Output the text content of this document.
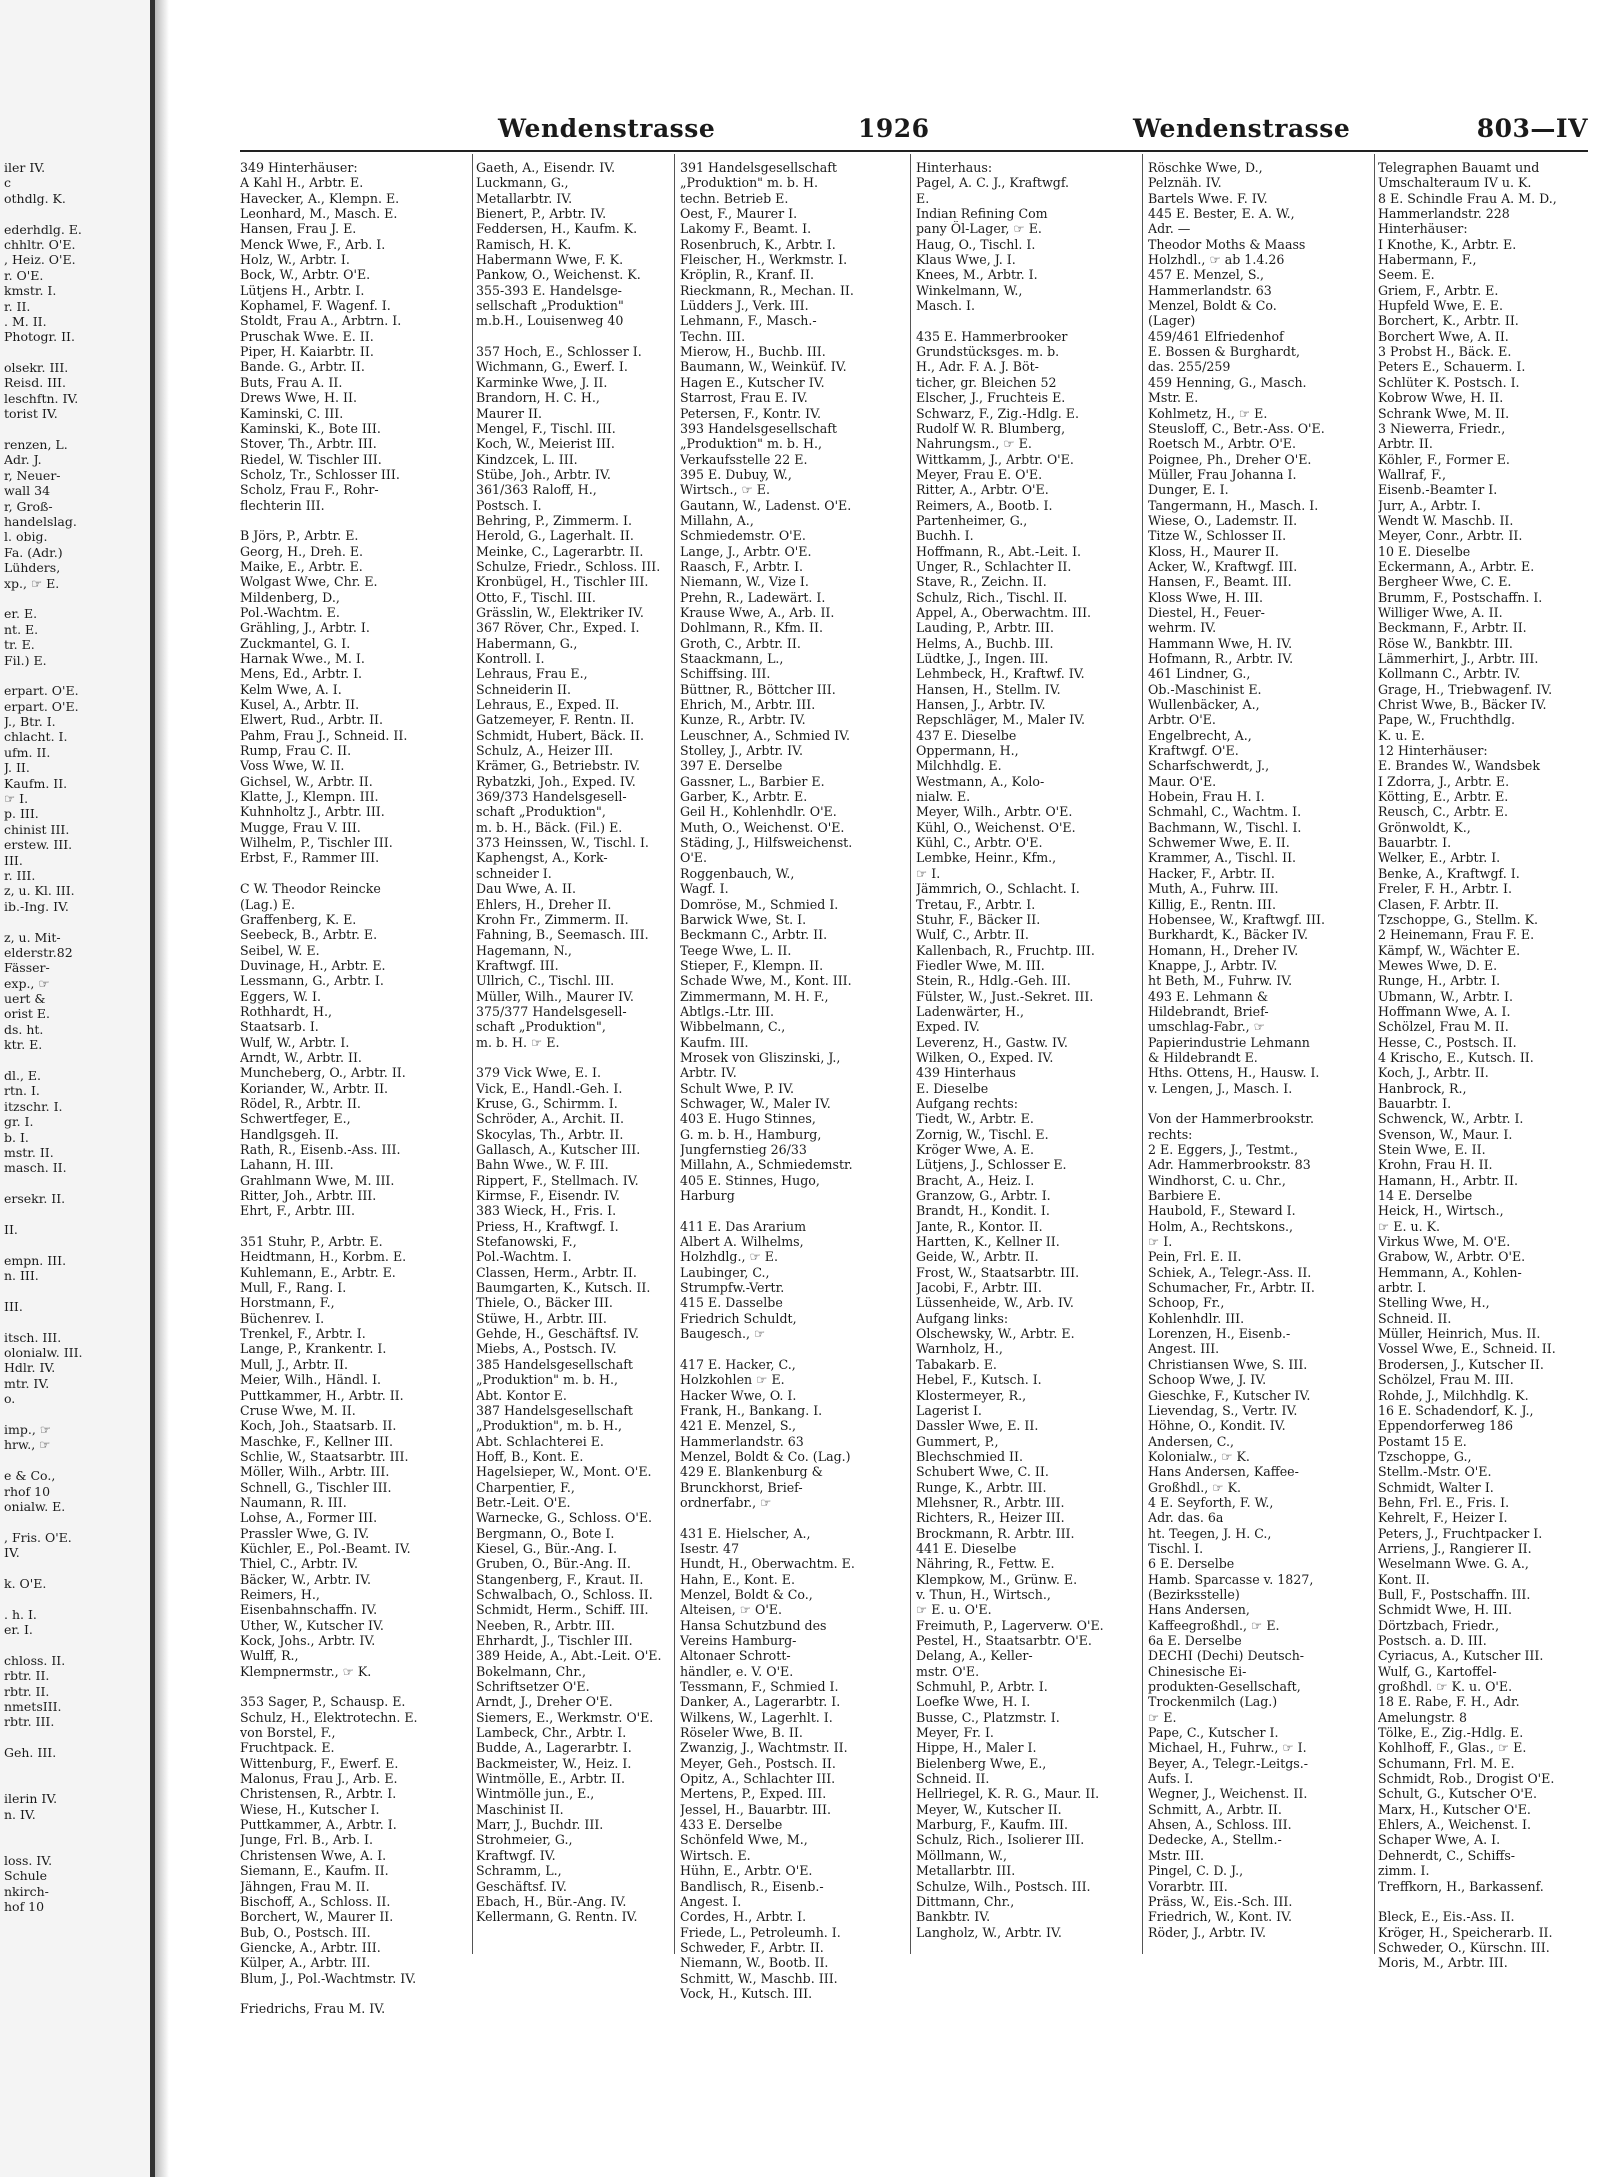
iler IV.
c
othdlg. K.
ederhdlg. E.
chhltr. O'E.
, Heiz. O'E.
r. O'E.
kmstr. I.
r. II.
. M. II.
Photogr. II.
olsekr. III.
Reisd. III.
leschftn. IV.
torist IV.
renzen, L.
Adr. J.
r, Neuer-
wall 34
r, Groß-
handelslag.
l. obig.
Fa. (Adr.)
Lühders,
xp., ☞ E.
er. E.
nt. E.
tr. E.
Fil.) E.
erpart. O'E.
erpart. O'E.
J., Btr. I.
chlacht. I.
ufm. II.
J. II.
Kaufm. II.
☞ I.
p. III.
chinist III.
erstew. III.
III.
r. III.
z, u. Kl. III.
ib.-Ing. IV.
z, u. Mit-
elderstr.82
Fässer-
exp., ☞
uert &
orist E.
ds. ht.
ktr. E.
dl., E.
rtn. I.
itzschr. I.
gr. I.
b. I.
mstr. II.
masch. II.
ersekr. II.
II.
empn. III.
n. III.
III.
itsch. III.
olonialw. III.
Hdlr. IV.
mtr. IV.
o.
imp., ☞
hrw., ☞
e & Co.,
rhof 10
onialw. E.
, Fris. O'E.
IV.
k. O'E.
. h. I.
er. I.
chloss. II.
rbtr. II.
rbtr. II.
nmetsIII.
rbtr. III.
Geh. III.
ilerin IV.
n. IV.
loss. IV.
Schule
nkirch-
hof 10
Wendenstrasse	1926	Wendenstrasse	803—IV
349 Hinterhäuser:
A Kahl H., Arbtr. E.
Havecker, A., Klempn. E.
Leonhard, M., Masch. E.
Hansen, Frau J. E.
Menck Wwe, F., Arb. I.
Holz, W., Arbtr. I.
Bock, W., Arbtr. O'E.
Lütjens H., Arbtr. I.
Kophamel, F. Wagenf. I.
Stoldt, Frau A., Arbtrn. I.
Pruschak Wwe. E. II.
Piper, H. Kaiarbtr. II.
Bande. G., Arbtr. II.
Buts, Frau A. II.
Drews Wwe, H. II.
Kaminski, C. III.
Kaminski, K., Bote III.
Stover, Th., Arbtr. III.
Riedel, W. Tischler III.
Scholz, Tr., Schlosser III.
Scholz, Frau F., Rohr-
flechterin III.
B Jörs, P., Arbtr. E.
Georg, H., Dreh. E.
Maike, E., Arbtr. E.
Wolgast Wwe, Chr. E.
Mildenberg, D.,
Pol.-Wachtm. E.
Grähling, J., Arbtr. I.
Zuckmantel, G. I.
Harnak Wwe., M. I.
Mens, Ed., Arbtr. I.
Kelm Wwe, A. I.
Kusel, A., Arbtr. II.
Elwert, Rud., Arbtr. II.
Pahm, Frau J., Schneid. II.
Rump, Frau C. II.
Voss Wwe, W. II.
Gichsel, W., Arbtr. II.
Klatte, J., Klempn. III.
Kuhnholtz J., Arbtr. III.
Mugge, Frau V. III.
Wilhelm, P., Tischler III.
Erbst, F., Rammer III.
C W. Theodor Reincke
(Lag.) E.
Graffenberg, K. E.
Seebeck, B., Arbtr. E.
Seibel, W. E.
Duvinage, H., Arbtr. E.
Lessmann, G., Arbtr. I.
Eggers, W. I.
Rothhardt, H.,
Staatsarb. I.
Wulf, W., Arbtr. I.
Arndt, W., Arbtr. II.
Muncheberg, O., Arbtr. II.
Koriander, W., Arbtr. II.
Rödel, R., Arbtr. II.
Schwertfeger, E.,
Handlgsgeh. II.
Rath, R., Eisenb.-Ass. III.
Lahann, H. III.
Grahlmann Wwe, M. III.
Ritter, Joh., Arbtr. III.
Ehrt, F., Arbtr. III.
351 Stuhr, P., Arbtr. E.
Heidtmann, H., Korbm. E.
Kuhlemann, E., Arbtr. E.
Mull, F., Rang. I.
Horstmann, F.,
Büchenrev. I.
Trenkel, F., Arbtr. I.
Lange, P., Krankentr. I.
Mull, J., Arbtr. II.
Meier, Wilh., Händl. I.
Puttkammer, H., Arbtr. II.
Cruse Wwe, M. II.
Koch, Joh., Staatsarb. II.
Maschke, F., Kellner III.
Schlie, W., Staatsarbtr. III.
Möller, Wilh., Arbtr. III.
Schnell, G., Tischler III.
Naumann, R. III.
Lohse, A., Former III.
Prassler Wwe, G. IV.
Küchler, E., Pol.-Beamt. IV.
Thiel, C., Arbtr. IV.
Bäcker, W., Arbtr. IV.
Reimers, H.,
Eisenbahnschaffn. IV.
Uther, W., Kutscher IV.
Kock, Johs., Arbtr. IV.
Wulff, R.,
Klempnermstr., ☞ K.
353 Sager, P., Schausp. E.
Schulz, H., Elektrotechn. E.
von Borstel, F.,
Fruchtpack. E.
Wittenburg, F., Ewerf. E.
Malonus, Frau J., Arb. E.
Christensen, R., Arbtr. I.
Wiese, H., Kutscher I.
Puttkammer, A., Arbtr. I.
Junge, Frl. B., Arb. I.
Christensen Wwe, A. I.
Siemann, E., Kaufm. II.
Jähngen, Frau M. II.
Bischoff, A., Schloss. II.
Borchert, W., Maurer II.
Bub, O., Postsch. III.
Giencke, A., Arbtr. III.
Külper, A., Arbtr. III.
Blum, J., Pol.-Wachtmstr. IV.
Friedrichs, Frau M. IV.
Gaeth, A., Eisendr. IV.
Luckmann, G.,
Metallarbtr. IV.
Bienert, P., Arbtr. IV.
Feddersen, H., Kaufm. K.
Ramisch, H. K.
Habermann Wwe, F. K.
Pankow, O., Weichenst. K.
355-393 E. Handelsge-
sellschaft „Produktion"
m.b.H., Louisenweg 40
357 Hoch, E., Schlosser I.
Wichmann, G., Ewerf. I.
Karminke Wwe, J. II.
Brandorn, H. C. H.,
Maurer II.
Mengel, F., Tischl. III.
Koch, W., Meierist III.
Kindzcek, L. III.
Stübe, Joh., Arbtr. IV.
361/363 Raloff, H.,
Postsch. I.
Behring, P., Zimmerm. I.
Herold, G., Lagerhalt. II.
Meinke, C., Lagerarbtr. II.
Schulze, Friedr., Schloss. III.
Kronbügel, H., Tischler III.
Otto, F., Tischl. III.
Grässlin, W., Elektriker IV.
367 Röver, Chr., Exped. I.
Habermann, G.,
Kontroll. I.
Lehraus, Frau E.,
Schneiderin II.
Lehraus, E., Exped. II.
Gatzemeyer, F. Rentn. II.
Schmidt, Hubert, Bäck. II.
Schulz, A., Heizer III.
Krämer, G., Betriebstr. IV.
Rybatzki, Joh., Exped. IV.
369/373 Handelsgesell-
schaft „Produktion",
m. b. H., Bäck. (Fil.) E.
373 Heinssen, W., Tischl. I.
Kaphengst, A., Kork-
schneider I.
Dau Wwe, A. II.
Ehlers, H., Dreher II.
Krohn Fr., Zimmerm. II.
Fahning, B., Seemasch. III.
Hagemann, N.,
Kraftwgf. III.
Ullrich, C., Tischl. III.
Müller, Wilh., Maurer IV.
375/377 Handelsgesell-
schaft „Produktion",
m. b. H. ☞ E.
379 Vick Wwe, E. I.
Vick, E., Handl.-Geh. I.
Kruse, G., Schirmm. I.
Schröder, A., Archit. II.
Skocylas, Th., Arbtr. II.
Gallasch, A., Kutscher III.
Bahn Wwe., W. F. III.
Rippert, F., Stellmach. IV.
Kirmse, F., Eisendr. IV.
383 Wieck, H., Fris. I.
Priess, H., Kraftwgf. I.
Stefanowski, F.,
Pol.-Wachtm. I.
Classen, Herm., Arbtr. II.
Baumgarten, K., Kutsch. II.
Thiele, O., Bäcker III.
Stüwe, H., Arbtr. III.
Gehde, H., Geschäftsf. IV.
Miebs, A., Postsch. IV.
385 Handelsgesellschaft
„Produktion" m. b. H.,
Abt. Kontor E.
387 Handelsgesellschaft
„Produktion", m. b. H.,
Abt. Schlachterei E.
Hoff, B., Kont. E.
Hagelsieper, W., Mont. O'E.
Charpentier, F.,
Betr.-Leit. O'E.
Warnecke, G., Schloss. O'E.
Bergmann, O., Bote I.
Kiesel, G., Bür.-Ang. I.
Gruben, O., Bür.-Ang. II.
Stangenberg, F., Kraut. II.
Schwalbach, O., Schloss. II.
Schmidt, Herm., Schiff. III.
Neeben, R., Arbtr. III.
Ehrhardt, J., Tischler III.
389 Heide, A., Abt.-Leit. O'E.
Bokelmann, Chr.,
Schriftsetzer O'E.
Arndt, J., Dreher O'E.
Siemers, E., Werkmstr. O'E.
Lambeck, Chr., Arbtr. I.
Budde, A., Lagerarbtr. I.
Backmeister, W., Heiz. I.
Wintmölle, E., Arbtr. II.
Wintmölle jun., E.,
Maschinist II.
Marr, J., Buchdr. III.
Strohmeier, G.,
Kraftwgf. IV.
Schramm, L.,
Geschäftsf. IV.
Ebach, H., Bür.-Ang. IV.
Kellermann, G. Rentn. IV.
391 Handelsgesellschaft
„Produktion" m. b. H.
techn. Betrieb E.
Oest, F., Maurer I.
Lakomy F., Beamt. I.
Rosenbruch, K., Arbtr. I.
Fleischer, H., Werkmstr. I.
Kröplin, R., Kranf. II.
Rieckmann, R., Mechan. II.
Lüdders J., Verk. III.
Lehmann, F., Masch.-
Techn. III.
Mierow, H., Buchb. III.
Baumann, W., Weinküf. IV.
Hagen E., Kutscher IV.
Starrost, Frau E. IV.
Petersen, F., Kontr. IV.
393 Handelsgesellschaft
„Produktion" m. b. H.,
Verkaufsstelle 22 E.
395 E. Dubuy, W.,
Wirtsch., ☞ E.
Gautann, W., Ladenst. O'E.
Millahn, A.,
Schmiedemstr. O'E.
Lange, J., Arbtr. O'E.
Raasch, F., Arbtr. I.
Niemann, W., Vize I.
Prehn, R., Ladewärt. I.
Krause Wwe, A., Arb. II.
Dohlmann, R., Kfm. II.
Groth, C., Arbtr. II.
Staackmann, L.,
Schiffsing. III.
Büttner, R., Böttcher III.
Ehrich, M., Arbtr. III.
Kunze, R., Arbtr. IV.
Leuschner, A., Schmied IV.
Stolley, J., Arbtr. IV.
397 E. Derselbe
Gassner, L., Barbier E.
Garber, K., Arbtr. E.
Geil H., Kohlenhdlr. O'E.
Muth, O., Weichenst. O'E.
Städing, J., Hilfsweichenst.
O'E.
Roggenbauch, W.,
Wagf. I.
Domröse, M., Schmied I.
Barwick Wwe, St. I.
Beckmann C., Arbtr. II.
Teege Wwe, L. II.
Stieper, F., Klempn. II.
Schade Wwe, M., Kont. III.
Zimmermann, M. H. F.,
Abtlgs.-Ltr. III.
Wibbelmann, C.,
Kaufm. III.
Mrosek von Gliszinski, J.,
Arbtr. IV.
Schult Wwe, P. IV.
Schwager, W., Maler IV.
403 E. Hugo Stinnes,
G. m. b. H., Hamburg,
Jungfernstieg 26/33
Millahn, A., Schmiedemstr.
405 E. Stinnes, Hugo,
Harburg
411 E. Das Ararium
Albert A. Wilhelms,
Holzhdlg., ☞ E.
Laubinger, C.,
Strumpfw.-Vertr.
415 E. Dasselbe
Friedrich Schuldt,
Baugesch., ☞
417 E. Hacker, C.,
Holzkohlen ☞ E.
Hacker Wwe, O. I.
Frank, H., Bankang. I.
421 E. Menzel, S.,
Hammerlandstr. 63
Menzel, Boldt & Co. (Lag.)
429 E. Blankenburg &
Brunckhorst, Brief-
ordnerfabr., ☞
431 E. Hielscher, A.,
Isestr. 47
Hundt, H., Oberwachtm. E.
Hahn, E., Kont. E.
Menzel, Boldt & Co.,
Alteisen, ☞ O'E.
Hansa Schutzbund des
Vereins Hamburg-
Altonaer Schrott-
händler, e. V. O'E.
Tessmann, F., Schmied I.
Danker, A., Lagerarbtr. I.
Wilkens, W., Lagerhlt. I.
Röseler Wwe, B. II.
Zwanzig, J., Wachtmstr. II.
Meyer, Geh., Postsch. II.
Opitz, A., Schlachter III.
Mertens, P., Exped. III.
Jessel, H., Bauarbtr. III.
433 E. Derselbe
Schönfeld Wwe, M.,
Wirtsch. E.
Hühn, E., Arbtr. O'E.
Bandlisch, R., Eisenb.-
Angest. I.
Cordes, H., Arbtr. I.
Friede, L., Petroleumh. I.
Schweder, F., Arbtr. II.
Niemann, W., Bootb. II.
Schmitt, W., Maschb. III.
Vock, H., Kutsch. III.
Hinterhaus:
Pagel, A. C. J., Kraftwgf.
E.
Indian Refining Com
pany Öl-Lager, ☞ E.
Haug, O., Tischl. I.
Klaus Wwe, J. I.
Knees, M., Arbtr. I.
Winkelmann, W.,
Masch. I.
435 E. Hammerbrooker
Grundstücksges. m. b.
H., Adr. F. A. J. Böt-
ticher, gr. Bleichen 52
Elscher, J., Fruchteis E.
Schwarz, F., Zig.-Hdlg. E.
Rudolf W. R. Blumberg,
Nahrungsm., ☞ E.
Wittkamm, J., Arbtr. O'E.
Meyer, Frau E. O'E.
Ritter, A., Arbtr. O'E.
Reimers, A., Bootb. I.
Partenheimer, G.,
Buchh. I.
Hoffmann, R., Abt.-Leit. I.
Unger, R., Schlachter II.
Stave, R., Zeichn. II.
Schulz, Rich., Tischl. II.
Appel, A., Oberwachtm. III.
Lauding, P., Arbtr. III.
Helms, A., Buchb. III.
Lüdtke, J., Ingen. III.
Lehmbeck, H., Kraftwf. IV.
Hansen, H., Stellm. IV.
Hansen, J., Arbtr. IV.
Repschläger, M., Maler IV.
437 E. Dieselbe
Oppermann, H.,
Milchhdlg. E.
Westmann, A., Kolo-
nialw. E.
Meyer, Wilh., Arbtr. O'E.
Kühl, O., Weichenst. O'E.
Kühl, C., Arbtr. O'E.
Lembke, Heinr., Kfm.,
☞ I.
Jämmrich, O., Schlacht. I.
Tretau, F., Arbtr. I.
Stuhr, F., Bäcker II.
Wulf, C., Arbtr. II.
Kallenbach, R., Fruchtp. III.
Fiedler Wwe, M. III.
Stein, R., Hdlg.-Geh. III.
Fülster, W., Just.-Sekret. III.
Ladenwärter, H.,
Exped. IV.
Leverenz, H., Gastw. IV.
Wilken, O., Exped. IV.
439 Hinterhaus
E. Dieselbe
Aufgang rechts:
Tiedt, W., Arbtr. E.
Zornig, W., Tischl. E.
Kröger Wwe, A. E.
Lütjens, J., Schlosser E.
Bracht, A., Heiz. I.
Granzow, G., Arbtr. I.
Brandt, H., Kondit. I.
Jante, R., Kontor. II.
Hartten, K., Kellner II.
Geide, W., Arbtr. II.
Frost, W., Staatsarbtr. III.
Jacobi, F., Arbtr. III.
Lüssenheide, W., Arb. IV.
Aufgang links:
Olschewsky, W., Arbtr. E.
Warnholz, H.,
Tabakarb. E.
Hebel, F., Kutsch. I.
Klostermeyer, R.,
Lagerist I.
Dassler Wwe, E. II.
Gummert, P.,
Blechschmied II.
Schubert Wwe, C. II.
Runge, K., Arbtr. III.
Mlehsner, R., Arbtr. III.
Richters, R., Heizer III.
Brockmann, R. Arbtr. III.
441 E. Dieselbe
Nähring, R., Fettw. E.
Klempkow, M., Grünw. E.
v. Thun, H., Wirtsch.,
☞ E. u. O'E.
Freimuth, P., Lagerverw. O'E.
Pestel, H., Staatsarbtr. O'E.
Delang, A., Keller-
mstr. O'E.
Schmuhl, P., Arbtr. I.
Loefke Wwe, H. I.
Busse, C., Platzmstr. I.
Meyer, Fr. I.
Hippe, H., Maler I.
Bielenberg Wwe, E.,
Schneid. II.
Hellriegel, K. R. G., Maur. II.
Meyer, W., Kutscher II.
Marburg, F., Kaufm. III.
Schulz, Rich., Isolierer III.
Möllmann, W.,
Metallarbtr. III.
Schulze, Wilh., Postsch. III.
Dittmann, Chr.,
Bankbtr. IV.
Langholz, W., Arbtr. IV.
Röschke Wwe, D.,
Pelznäh. IV.
Bartels Wwe. F. IV.
445 E. Bester, E. A. W.,
Adr. —
Theodor Moths & Maass
Holzhdl., ☞ ab 1.4.26
457 E. Menzel, S.,
Hammerlandstr. 63
Menzel, Boldt & Co.
(Lager)
459/461 Elfriedenhof
E. Bossen & Burghardt,
das. 255/259
459 Henning, G., Masch.
Mstr. E.
Kohlmetz, H., ☞ E.
Steusloff, C., Betr.-Ass. O'E.
Roetsch M., Arbtr. O'E.
Poignee, Ph., Dreher O'E.
Müller, Frau Johanna I.
Dunger, E. I.
Tangermann, H., Masch. I.
Wiese, O., Lademstr. II.
Titze W., Schlosser II.
Kloss, H., Maurer II.
Acker, W., Kraftwgf. III.
Hansen, F., Beamt. III.
Kloss Wwe, H. III.
Diestel, H., Feuer-
wehrm. IV.
Hammann Wwe, H. IV.
Hofmann, R., Arbtr. IV.
461 Lindner, G.,
Ob.-Maschinist E.
Wullenbäcker, A.,
Arbtr. O'E.
Engelbrecht, A.,
Kraftwgf. O'E.
Scharfschwerdt, J.,
Maur. O'E.
Hobein, Frau H. I.
Schmahl, C., Wachtm. I.
Bachmann, W., Tischl. I.
Schwemer Wwe, E. II.
Krammer, A., Tischl. II.
Hacker, F., Arbtr. II.
Muth, A., Fuhrw. III.
Killig, E., Rentn. III.
Hobensee, W., Kraftwgf. III.
Burkhardt, K., Bäcker IV.
Homann, H., Dreher IV.
Knappe, J., Arbtr. IV.
ht Beth, M., Fuhrw. IV.
493 E. Lehmann &
Hildebrandt, Brief-
umschlag-Fabr., ☞
Papierindustrie Lehmann
& Hildebrandt E.
Hths. Ottens, H., Hausw. I.
v. Lengen, J., Masch. I.
Von der Hammerbrookstr.
rechts:
2 E. Eggers, J., Testmt.,
Adr. Hammerbrookstr. 83
Windhorst, C. u. Chr.,
Barbiere E.
Haubold, F., Steward I.
Holm, A., Rechtskons.,
☞ I.
Pein, Frl. E. II.
Schiek, A., Telegr.-Ass. II.
Schumacher, Fr., Arbtr. II.
Schoop, Fr.,
Kohlenhdlr. III.
Lorenzen, H., Eisenb.-
Angest. III.
Christiansen Wwe, S. III.
Schoop Wwe, J. IV.
Gieschke, F., Kutscher IV.
Lievendag, S., Vertr. IV.
Höhne, O., Kondit. IV.
Andersen, C.,
Kolonialw., ☞ K.
Hans Andersen, Kaffee-
Großhdl., ☞ K.
4 E. Seyforth, F. W.,
Adr. das. 6a
ht. Teegen, J. H. C.,
Tischl. I.
6 E. Derselbe
Hamb. Sparcasse v. 1827,
(Bezirksstelle)
Hans Andersen,
Kaffeegroßhdl., ☞ E.
6a E. Derselbe
DECHI (Dechi) Deutsch-
Chinesische Ei-
produkten-Gesellschaft,
Trockenmilch (Lag.)
☞ E.
Pape, C., Kutscher I.
Michael, H., Fuhrw., ☞ I.
Beyer, A., Telegr.-Leitgs.-
Aufs. I.
Wegner, J., Weichenst. II.
Schmitt, A., Arbtr. II.
Ahsen, A., Schloss. III.
Dedecke, A., Stellm.-
Mstr. III.
Pingel, C. D. J.,
Vorarbtr. III.
Präss, W., Eis.-Sch. III.
Friedrich, W., Kont. IV.
Röder, J., Arbtr. IV.
Telegraphen Bauamt und
Umschalteraum IV u. K.
8 E. Schindle Frau A. M. D.,
Hammerlandstr. 228
Hinterhäuser:
I Knothe, K., Arbtr. E.
Habermann, F.,
Seem. E.
Griem, F., Arbtr. E.
Hupfeld Wwe, E. E.
Borchert, K., Arbtr. II.
Borchert Wwe, A. II.
3 Probst H., Bäck. E.
Peters E., Schauerm. I.
Schlüter K. Postsch. I.
Kobrow Wwe, H. II.
Schrank Wwe, M. II.
3 Niewerra, Friedr.,
Arbtr. II.
Köhler, F., Former E.
Wallraf, F.,
Eisenb.-Beamter I.
Jurr, A., Arbtr. I.
Wendt W. Maschb. II.
Meyer, Conr., Arbtr. II.
10 E. Dieselbe
Eckermann, A., Arbtr. E.
Bergheer Wwe, C. E.
Brumm, F., Postschaffn. I.
Williger Wwe, A. II.
Beckmann, F., Arbtr. II.
Röse W., Bankbtr. III.
Lämmerhirt, J., Arbtr. III.
Kollmann C., Arbtr. IV.
Grage, H., Triebwagenf. IV.
Christ Wwe, B., Bäcker IV.
Pape, W., Fruchthdlg.
K. u. E.
12 Hinterhäuser:
E. Brandes W., Wandsbek
I Zdorra, J., Arbtr. E.
Kötting, E., Arbtr. E.
Reusch, C., Arbtr. E.
Grönwoldt, K.,
Bauarbtr. I.
Welker, E., Arbtr. I.
Benke, A., Kraftwgf. I.
Freler, F. H., Arbtr. I.
Clasen, F. Arbtr. II.
Tzschoppe, G., Stellm. K.
2 Heinemann, Frau F. E.
Kämpf, W., Wächter E.
Mewes Wwe, D. E.
Runge, H., Arbtr. I.
Ubmann, W., Arbtr. I.
Hoffmann Wwe, A. I.
Schölzel, Frau M. II.
Hesse, C., Postsch. II.
4 Krischo, E., Kutsch. II.
Koch, J., Arbtr. II.
Hanbrock, R.,
Bauarbtr. I.
Schwenck, W., Arbtr. I.
Svenson, W., Maur. I.
Stein Wwe, E. II.
Krohn, Frau H. II.
Hamann, H., Arbtr. II.
14 E. Derselbe
Heick, H., Wirtsch.,
☞ E. u. K.
Virkus Wwe, M. O'E.
Grabow, W., Arbtr. O'E.
Hemmann, A., Kohlen-
arbtr. I.
Stelling Wwe, H.,
Schneid. II.
Müller, Heinrich, Mus. II.
Vossel Wwe, E., Schneid. II.
Brodersen, J., Kutscher II.
Schölzel, Frau M. III.
Rohde, J., Milchhdlg. K.
16 E. Schadendorf, K. J.,
Eppendorferweg 186
Postamt 15 E.
Tzschoppe, G.,
Stellm.-Mstr. O'E.
Schmidt, Walter I.
Behn, Frl. E., Fris. I.
Kehrelt, F., Heizer I.
Peters, J., Fruchtpacker I.
Arriens, J., Rangierer II.
Weselmann Wwe. G. A.,
Kont. II.
Bull, F., Postschaffn. III.
Schmidt Wwe, H. III.
Dörtzbach, Friedr.,
Postsch. a. D. III.
Cyriacus, A., Kutscher III.
Wulf, G., Kartoffel-
großhdl. ☞ K. u. O'E.
18 E. Rabe, F. H., Adr.
Amelungstr. 8
Tölke, E., Zig.-Hdlg. E.
Kohlhoff, F., Glas., ☞ E.
Schumann, Frl. M. E.
Schmidt, Rob., Drogist O'E.
Schult, G., Kutscher O'E.
Marx, H., Kutscher O'E.
Ehlers, A., Weichenst. I.
Schaper Wwe, A. I.
Dehnerdt, C., Schiffs-
zimm. I.
Treffkorn, H., Barkassenf.
Bleck, E., Eis.-Ass. II.
Kröger, H., Speicherarb. II.
Schweder, O., Kürschn. III.
Moris, M., Arbtr. III.
